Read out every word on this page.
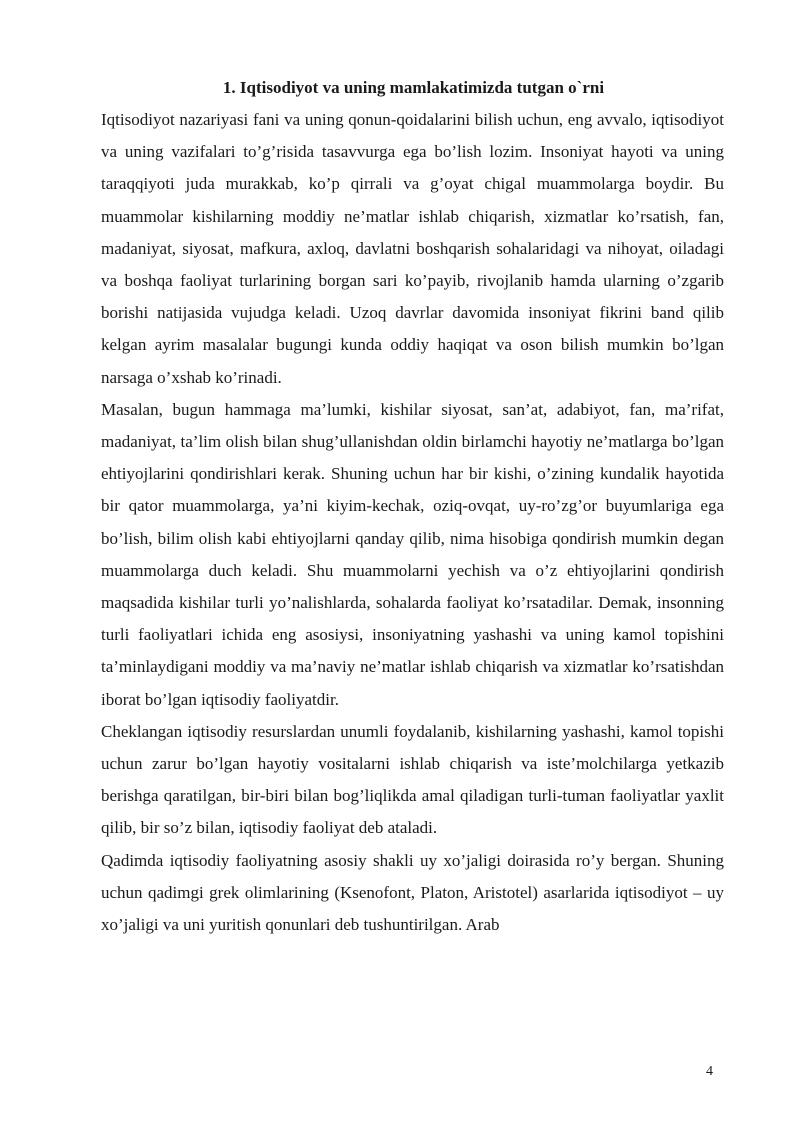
1. Iqtisodiyot va uning mamlakatimizda tutgan o`rni

Iqtisodiyot nazariyasi fani va uning qonun-qoidalarini bilish uchun, eng avvalo, iqtisodiyot va uning vazifalari to’g’risida tasavvurga ega bo’lish lozim. Insoniyat hayoti va uning taraqqiyoti juda murakkab, ko’p qirrali va g’oyat chigal muammolarga boydir. Bu muammolar kishilarning moddiy ne’matlar ishlab chiqarish, xizmatlar ko’rsatish, fan, madaniyat, siyosat, mafkura, axloq, davlatni boshqarish sohalaridagi va nihoyat, oiladagi va boshqa faoliyat turlarining borgan sari ko’payib, rivojlanib hamda ularning o’zgarib borishi natijasida vujudga keladi. Uzoq davrlar davomida insoniyat fikrini band qilib kelgan ayrim masalalar bugungi kunda oddiy haqiqat va oson bilish mumkin bo’lgan narsaga o’xshab ko’rinadi.

Masalan, bugun hammaga ma’lumki, kishilar siyosat, san’at, adabiyot, fan, ma’rifat, madaniyat, ta’lim olish bilan shug’ullanishdan oldin birlamchi hayotiy ne’matlarga bo’lgan ehtiyojlarini qondirishlari kerak. Shuning uchun har bir kishi, o’zining kundalik hayotida bir qator muammolarga, ya’ni kiyim-kechak, oziq-ovqat, uy-ro’zg’or buyumlariga ega bo’lish, bilim olish kabi ehtiyojlarni qanday qilib, nima hisobiga qondirish mumkin degan muammolarga duch keladi. Shu muammolarni yechish va o’z ehtiyojlarini qondirish maqsadida kishilar turli yo’nalishlarda, sohalarda faoliyat ko’rsatadilar. Demak, insonning turli faoliyatlari ichida eng asosiysi, insoniyatning yashashi va uning kamol topishini ta’minlaydigani moddiy va ma’naviy ne’matlar ishlab chiqarish va xizmatlar ko’rsatishdan iborat bo’lgan iqtisodiy faoliyatdir.

Cheklangan iqtisodiy resurslardan unumli foydalanib, kishilarning yashashi, kamol topishi uchun zarur bo’lgan hayotiy vositalarni ishlab chiqarish va iste’molchilarga yetkazib berishga qaratilgan, bir-biri bilan bog’liqlikda amal qiladigan turli-tuman faoliyatlar yaxlit qilib, bir so’z bilan, iqtisodiy faoliyat deb ataladi.

Qadimda iqtisodiy faoliyatning asosiy shakli uy xo’jaligi doirasida ro’y bergan. Shuning uchun qadimgi grek olimlarining (Ksenofont, Platon, Aristotel) asarlarida iqtisodiyot – uy xo’jaligi va uni yuritish qonunlari deb tushuntirilgan. Arab

4
